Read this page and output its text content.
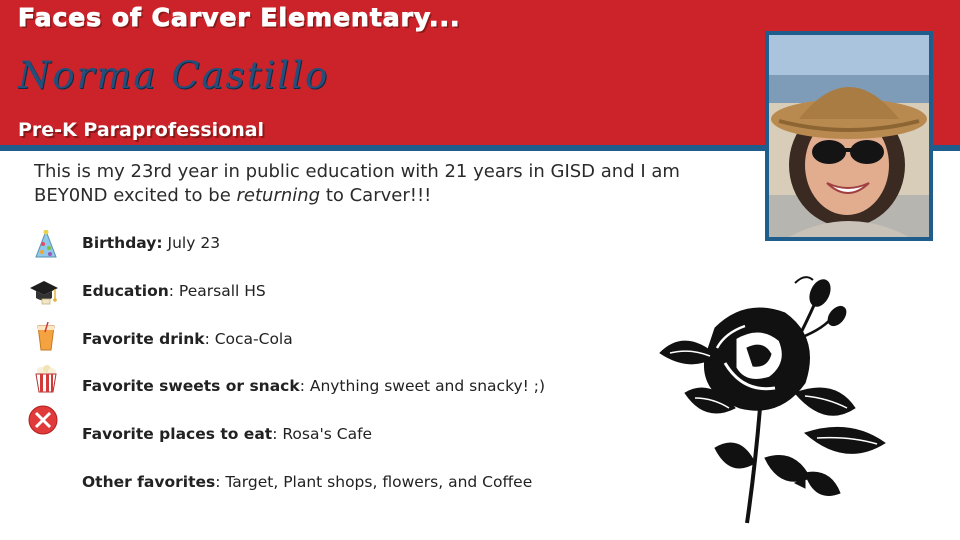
Faces of Carver Elementary...
Norma Castillo
Pre-K Paraprofessional
This is my 23rd year in public education with 21 years in GISD and I am BEY0ND excited to be returning to Carver!!!
Birthday: July 23
Education: Pearsall HS
Favorite drink: Coca-Cola
Favorite sweets or snack: Anything sweet and snacky! ;)
Favorite places to eat: Rosa's Cafe
Other favorites: Target, Plant shops, flowers, and Coffee
